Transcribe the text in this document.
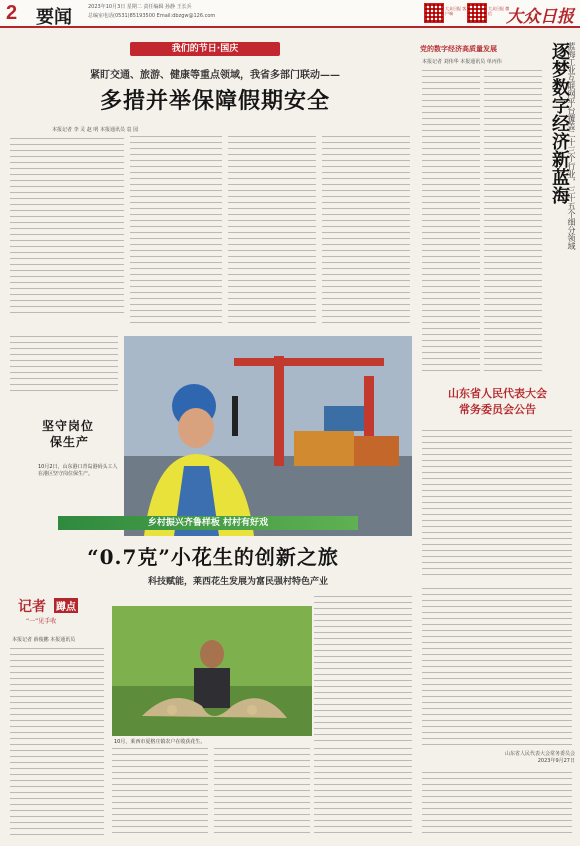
2 要闻	2023年10月3日 星期二 责任编辑 孙静 王长兵
总编室电话(0531)85193500 Email:dbzgw@126.com
大众日报 客户端
大众日报 微信 大众日报
我们的节日·国庆
紧盯交通、旅游、健康等重点领域，我省多部门联动——
多措并举保障假期安全
本报记者 李 灵 赵 明 本报通讯员 袁 园
坚守岗位
保生产
10月2日，山东港口青岛港码头工人在港区坚守岗位保生产。
乡村振兴齐鲁样板 村村有好戏
“0.7克”小花生的创新之旅
科技赋能，莱西花生发展为富民强村特色产业
记者 蹲点
“一”见手收
本报记者 薛俊鹏 本报通讯员
10月，莱西市夏格庄镇农户在收获花生。
党的数字经济高质量发展
本报记者 刘伟华 本报通讯员 单丙伟	逐梦数字经济新蓝海
蓝海工业互联网平台覆盖二十三个行业，三十五个细分领域
山东省人民代表大会
常务委员会公告
山东省人民代表大会常务委员会
2023年9月27日
